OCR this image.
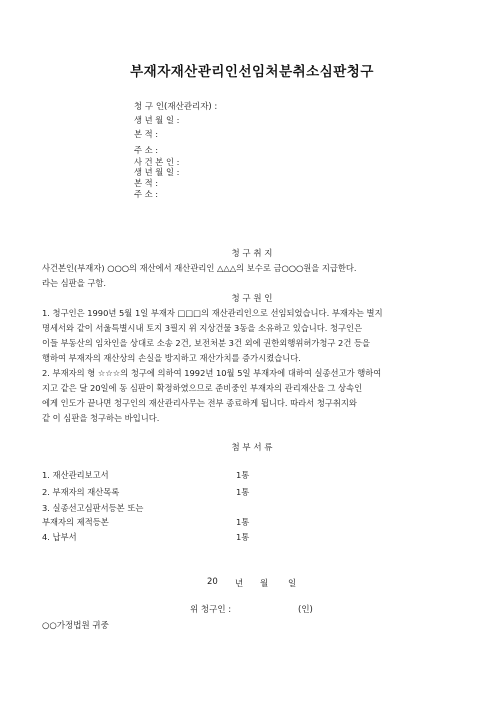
부재자재산관리인선임처분취소심판청구
청 구 인(재산관리자) :
생 년 월 일 :
본 적 :
주 소 :
사 건 본 인 :
생 년 월 일 :
본 적 :
주 소 :
청 구 취 지
사건본인(부재자) ○○○의 재산에서 재산관리인 △△△의 보수로 금○○○원을 지급한다.
라는 심판을 구함.
청 구 원 인
1. 청구인은 1990년 5월 1일 부재자 □□□의 재산관리인으로 선임되었습니다. 부재자는 별지
명세서와 같이 서울특별시내 토지 3필지 위 지상건물 3동을 소유하고 있습니다. 청구인은
이들 부동산의 임차인을 상대로 소송 2건, 보전처분 3건 외에 권한외행위허가청구 2건 등을
행하여 부재자의 재산상의 손실을 방지하고 재산가치를 증가시켰습니다.
2. 부재자의 형 ☆☆☆의 청구에 의하여 1992년 10월 5일 부재자에 대하여 실종선고가 행하여
지고 같은 달 20일에 동 심판이 확정하였으므로 준비중인 부재자의 관리재산을 그 상속인
에게 인도가 끝나면 청구인의 재산관리사무는 전부 종료하게 됩니다. 따라서 청구취지와
같 이 심판을 청구하는 바입니다.
첨 부 서 류
1. 재산관리보고서	1통
2. 부재자의 재산목록	1통
3. 실종선고심판서등본 또는
부재자의 제적등본	1통
4. 납부서	1통
20 년 월 일
위 청구인 :	(인)
○○가정법원 귀중
